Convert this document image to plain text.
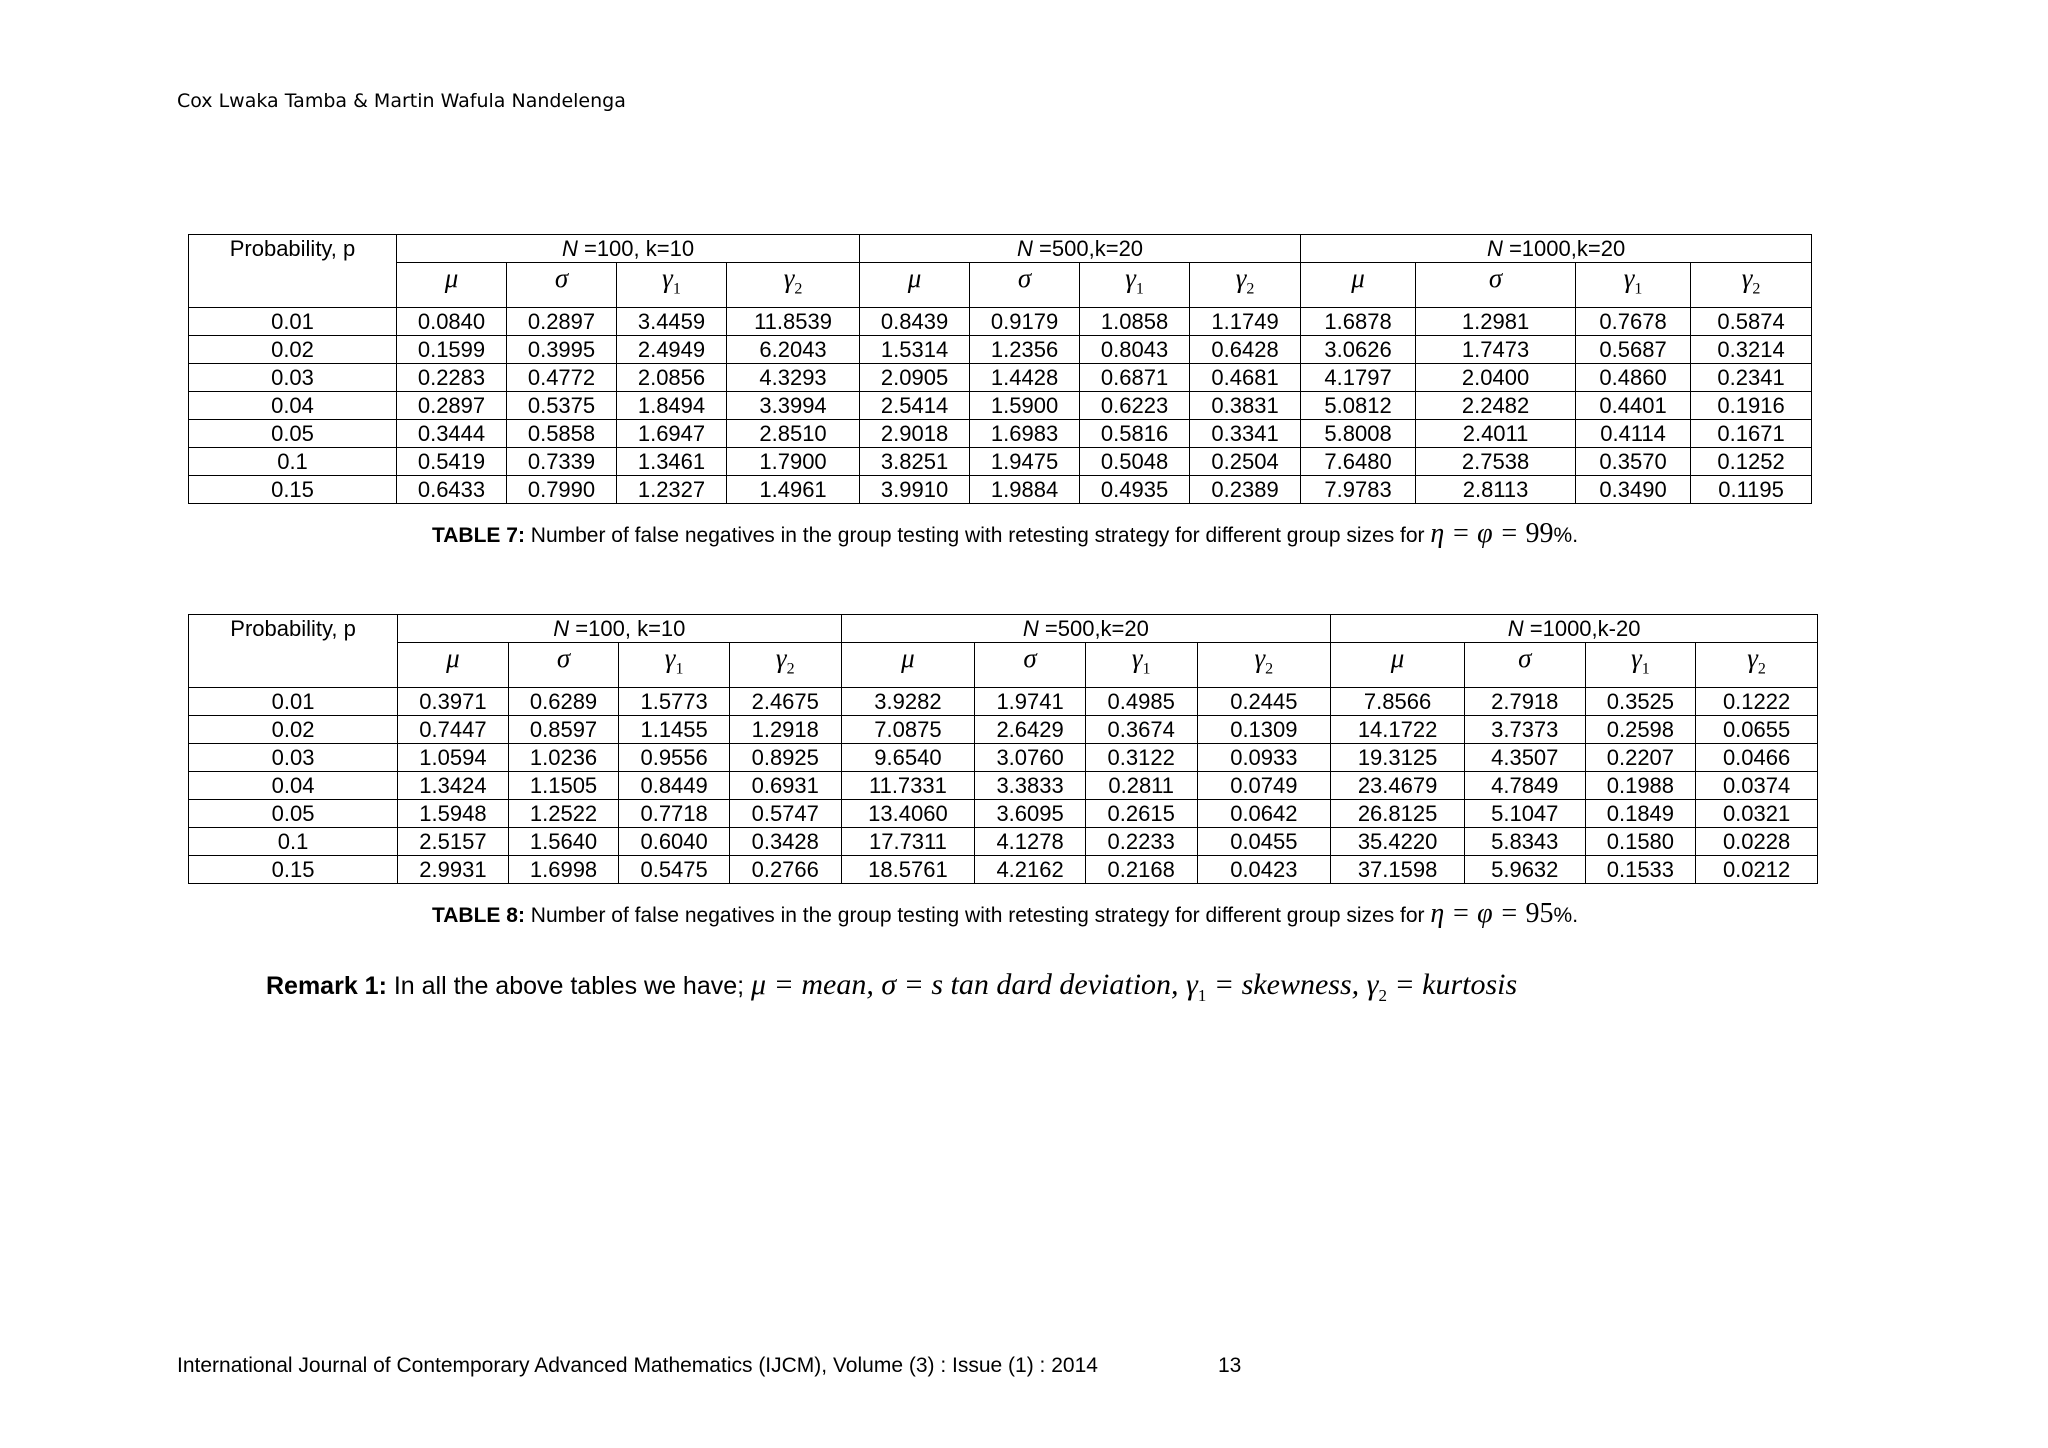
Cox Lwaka Tamba & Martin Wafula Nandelenga
Probability, p	N =100, k=10				N =500,k=20				N =1000,k=20			
	μ	σ	$\gamma_1$	$\gamma_2$	μ	σ	$\gamma_1$	$\gamma_2$	μ	σ	$\gamma_1$	$\gamma_2$
0.01	0.0840	0.2897	3.4459	11.8539	0.8439	0.9179	1.0858	1.1749	1.6878	1.2981	0.7678	0.5874
0.02	0.1599	0.3995	2.4949	6.2043	1.5314	1.2356	0.8043	0.6428	3.0626	1.7473	0.5687	0.3214
0.03	0.2283	0.4772	2.0856	4.3293	2.0905	1.4428	0.6871	0.4681	4.1797	2.0400	0.4860	0.2341
0.04	0.2897	0.5375	1.8494	3.3994	2.5414	1.5900	0.6223	0.3831	5.0812	2.2482	0.4401	0.1916
0.05	0.3444	0.5858	1.6947	2.8510	2.9018	1.6983	0.5816	0.3341	5.8008	2.4011	0.4114	0.1671
0.1	0.5419	0.7339	1.3461	1.7900	3.8251	1.9475	0.5048	0.2504	7.6480	2.7538	0.3570	0.1252
0.15	0.6433	0.7990	1.2327	1.4961	3.9910	1.9884	0.4935	0.2389	7.9783	2.8113	0.3490	0.1195
TABLE 7: Number of false negatives in the group testing with retesting strategy for different group sizes for η = φ = 99%.
Probability, p	N =100, k=10				N =500,k=20				N =1000,k-20			
	μ	σ	$\gamma_1$	$\gamma_2$	μ	σ	$\gamma_1$	$\gamma_2$	μ	σ	$\gamma_1$	$\gamma_2$
0.01	0.3971	0.6289	1.5773	2.4675	3.9282	1.9741	0.4985	0.2445	7.8566	2.7918	0.3525	0.1222
0.02	0.7447	0.8597	1.1455	1.2918	7.0875	2.6429	0.3674	0.1309	14.1722	3.7373	0.2598	0.0655
0.03	1.0594	1.0236	0.9556	0.8925	9.6540	3.0760	0.3122	0.0933	19.3125	4.3507	0.2207	0.0466
0.04	1.3424	1.1505	0.8449	0.6931	11.7331	3.3833	0.2811	0.0749	23.4679	4.7849	0.1988	0.0374
0.05	1.5948	1.2522	0.7718	0.5747	13.4060	3.6095	0.2615	0.0642	26.8125	5.1047	0.1849	0.0321
0.1	2.5157	1.5640	0.6040	0.3428	17.7311	4.1278	0.2233	0.0455	35.4220	5.8343	0.1580	0.0228
0.15	2.9931	1.6998	0.5475	0.2766	18.5761	4.2162	0.2168	0.0423	37.1598	5.9632	0.1533	0.0212
TABLE 8: Number of false negatives in the group testing with retesting strategy for different group sizes for η = φ = 95%.
Remark 1: In all the above tables we have; μ = mean, σ = s tan dard deviation, $\gamma_1$ = skewness, $\gamma_2$ = kurtosis
International Journal of Contemporary Advanced Mathematics (IJCM), Volume (3) : Issue (1) : 2014	13
